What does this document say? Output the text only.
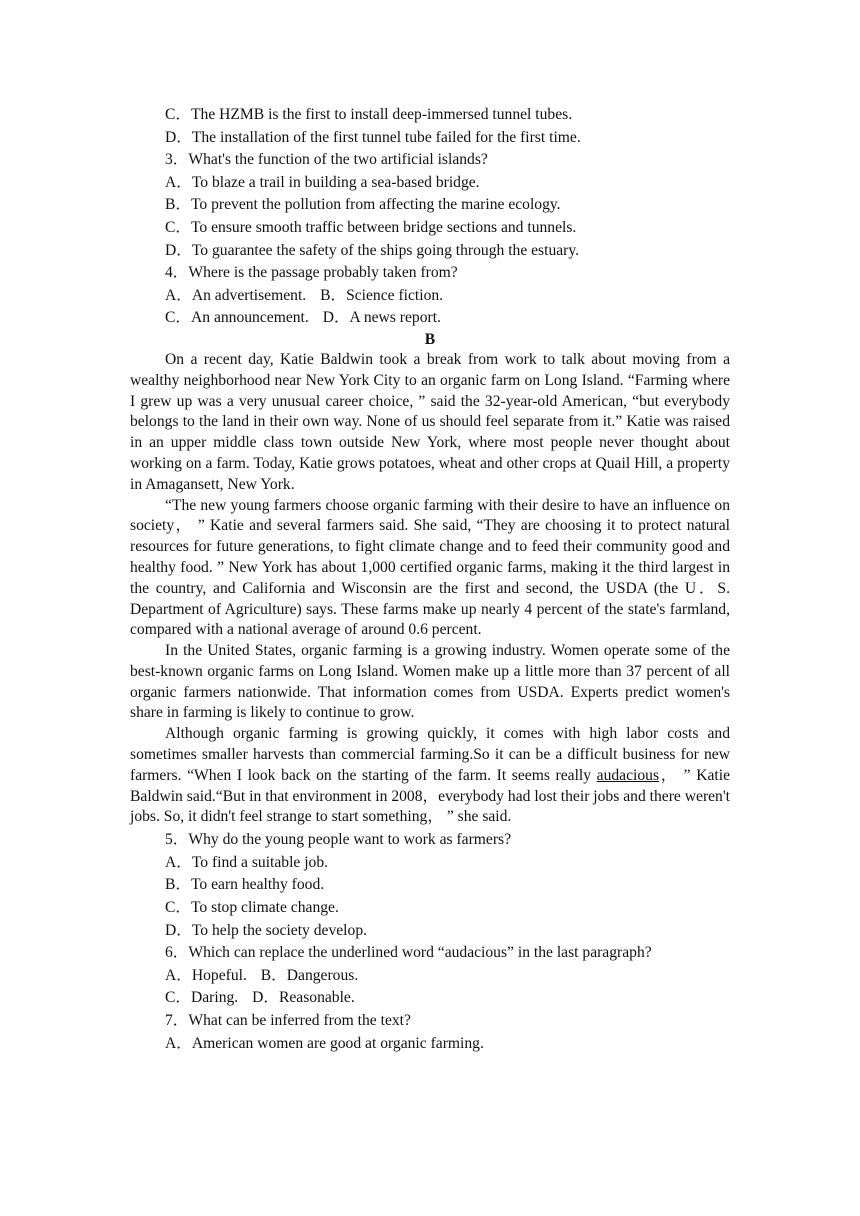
C．The HZMB is the first to install deep-immersed tunnel tubes.
D．The installation of the first tunnel tube failed for the first time.
3．What's the function of the two artificial islands?
A．To blaze a trail in building a sea-based bridge.
B．To prevent the pollution from affecting the marine ecology.
C．To ensure smooth traffic between bridge sections and tunnels.
D．To guarantee the safety of the ships going through the estuary.
4．Where is the passage probably taken from?
A．An advertisement. B．Science fiction.
C．An announcement. D．A news report.
B

On a recent day, Katie Baldwin took a break from work to talk about moving from a wealthy neighborhood near New York City to an organic farm on Long Island. “Farming where I grew up was a very unusual career choice, ” said the 32-year-old American, “but everybody belongs to the land in their own way. None of us should feel separate from it.” Katie was raised in an upper middle class town outside New York, where most people never thought about working on a farm. Today, Katie grows potatoes, wheat and other crops at Quail Hill, a property in Amagansett, New York.

“The new young farmers choose organic farming with their desire to have an influence on society， ” Katie and several farmers said. She said, “They are choosing it to protect natural resources for future generations, to fight climate change and to feed their community good and healthy food. ” New York has about 1,000 certified organic farms, making it the third largest in the country, and California and Wisconsin are the first and second, the USDA (the U．S. Department of Agriculture) says. These farms make up nearly 4 percent of the state's farmland, compared with a national average of around 0.6 percent.

In the United States, organic farming is a growing industry. Women operate some of the best-known organic farms on Long Island. Women make up a little more than 37 percent of all organic farmers nationwide. That information comes from USDA. Experts predict women's share in farming is likely to continue to grow.

Although organic farming is growing quickly, it comes with high labor costs and sometimes smaller harvests than commercial farming.So it can be a difficult business for new farmers. “When I look back on the starting of the farm. It seems really audacious， ” Katie Baldwin said.“But in that environment in 2008，everybody had lost their jobs and there weren't jobs. So, it didn't feel strange to start something， ” she said.

5．Why do the young people want to work as farmers?
A．To find a suitable job.
B．To earn healthy food.
C．To stop climate change.
D．To help the society develop.
6．Which can replace the underlined word “audacious” in the last paragraph?
A．Hopeful. B．Dangerous.
C．Daring. D．Reasonable.
7．What can be inferred from the text?
A．American women are good at organic farming.
